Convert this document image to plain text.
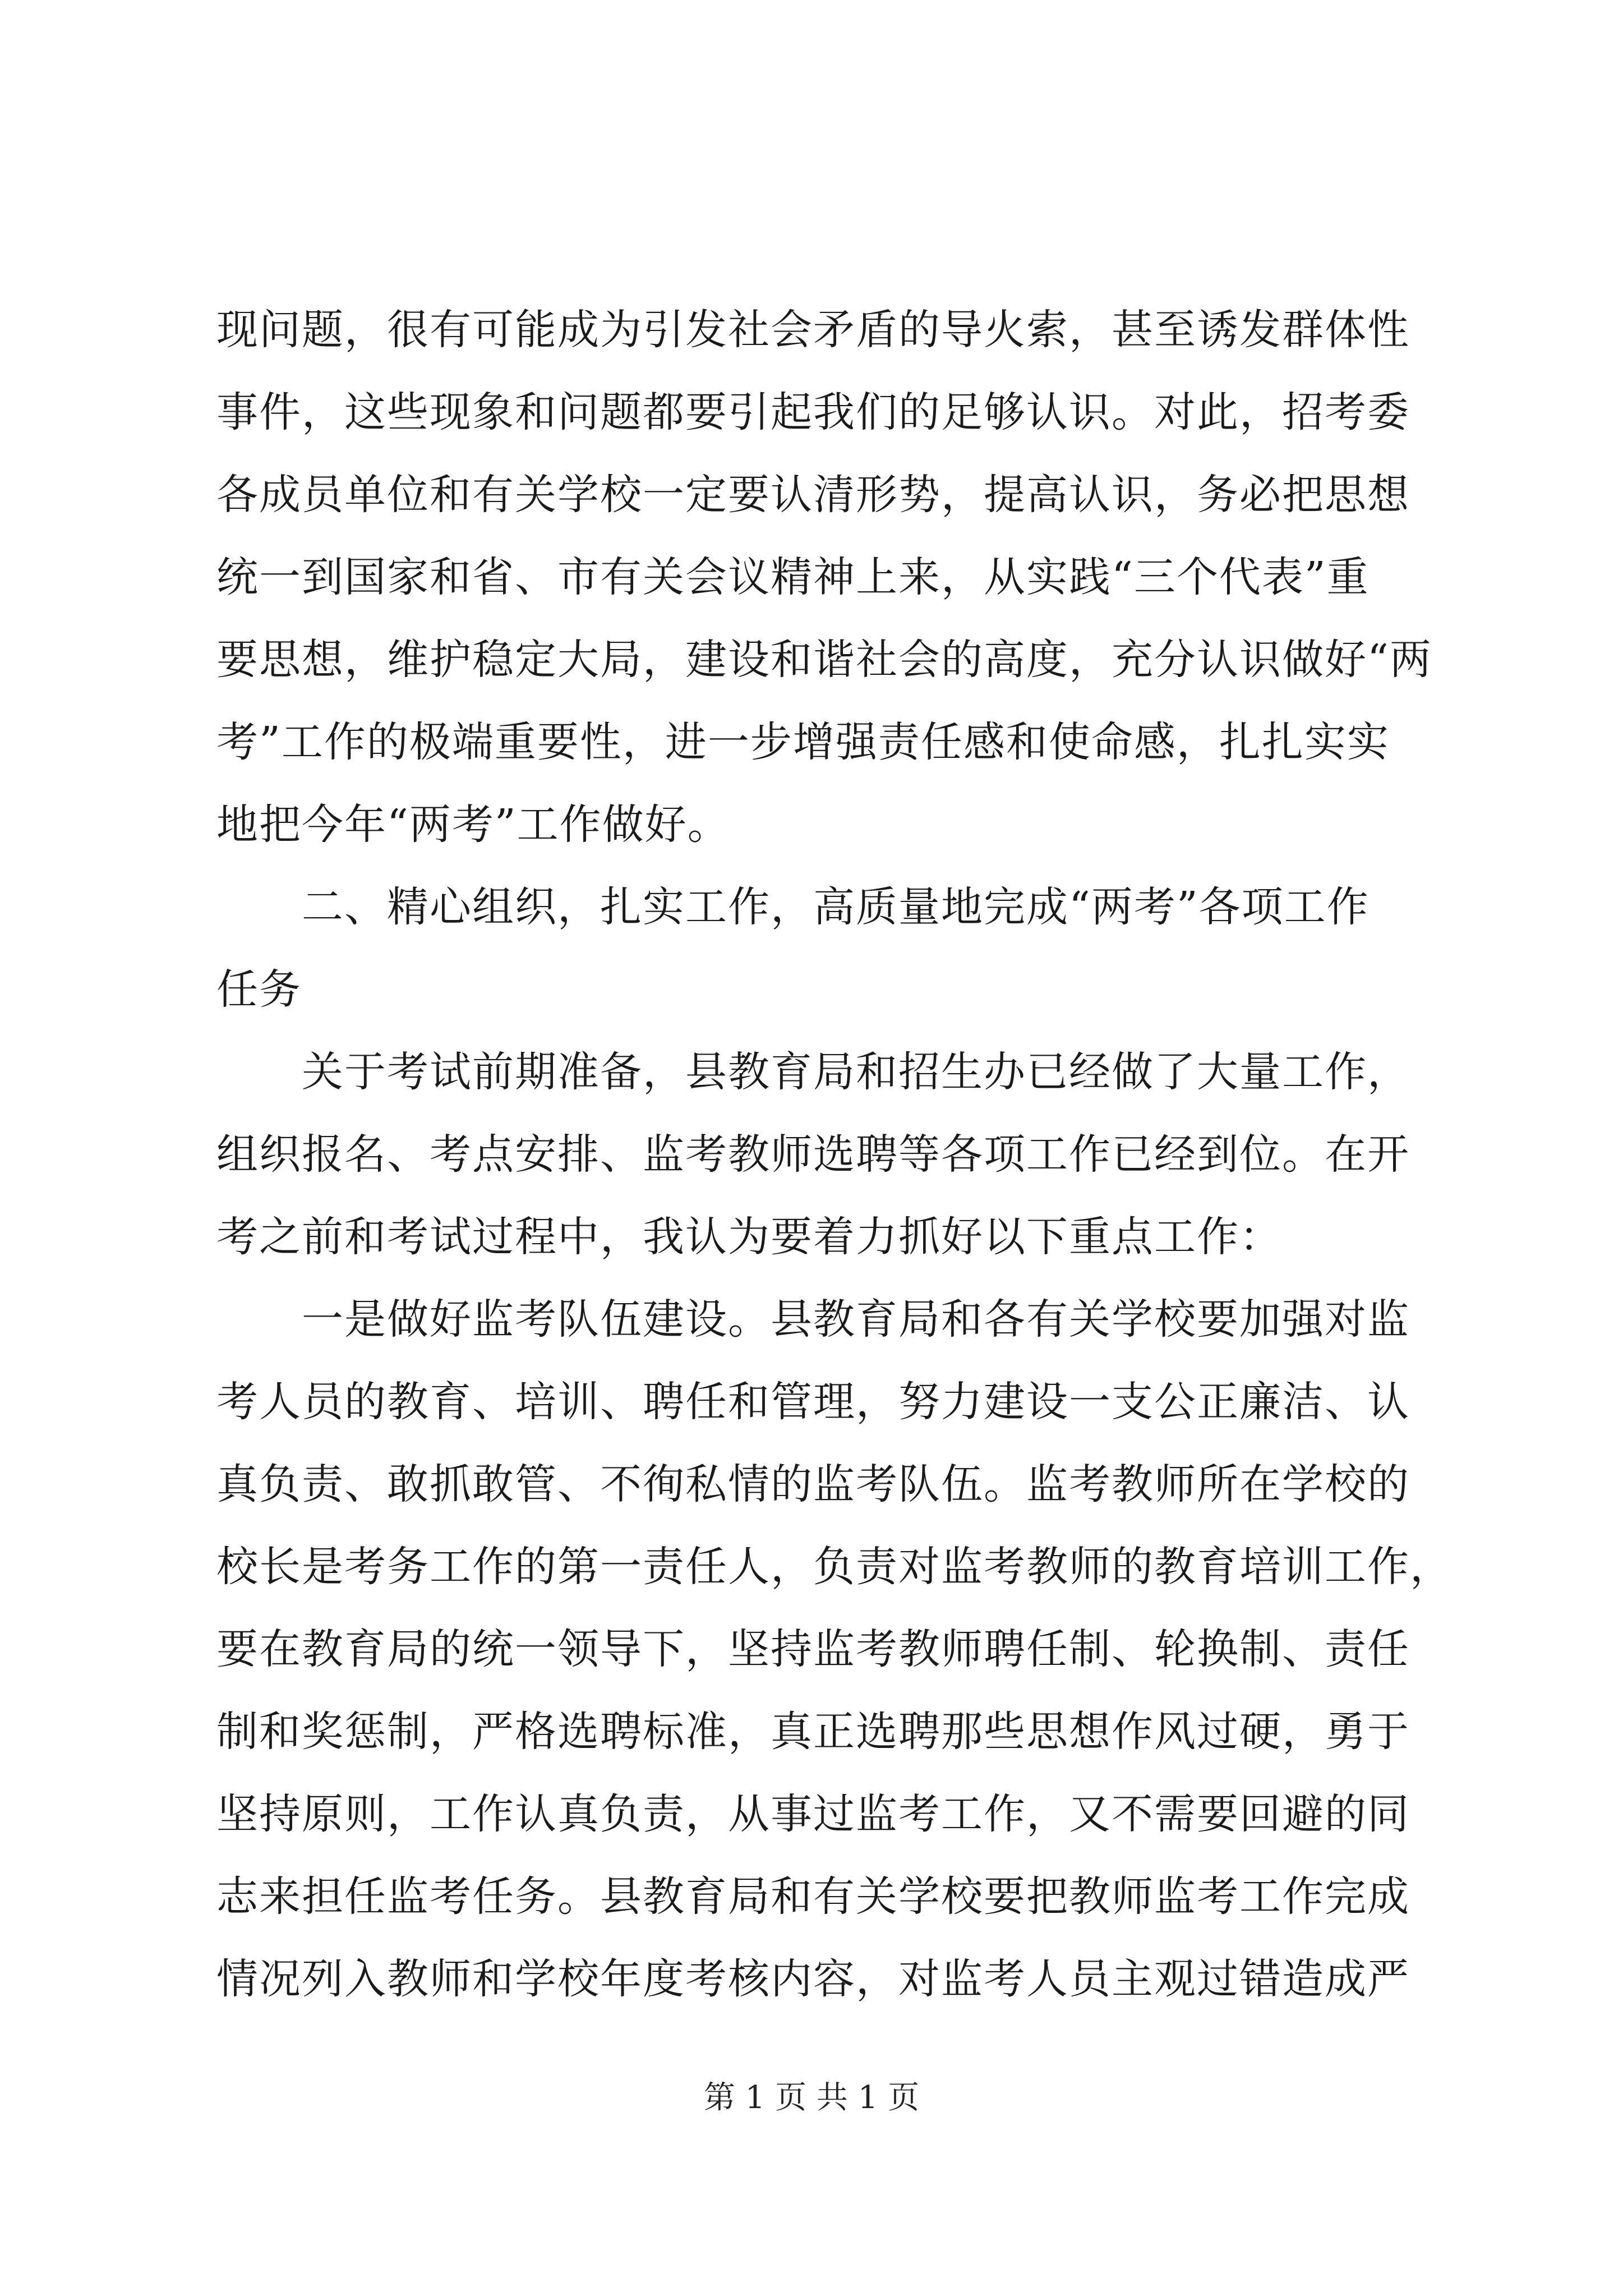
现问题，很有可能成为引发社会矛盾的导火索，甚至诱发群体性
事件，这些现象和问题都要引起我们的足够认识。对此，招考委
各成员单位和有关学校一定要认清形势，提高认识，务必把思想
统一到国家和省、市有关会议精神上来，从实践“三个代表”重
要思想，维护稳定大局，建设和谐社会的高度，充分认识做好“两
考”工作的极端重要性，进一步增强责任感和使命感，扎扎实实
地把今年“两考”工作做好。
　　二、精心组织，扎实工作，高质量地完成“两考”各项工作
任务
　　关于考试前期准备，县教育局和招生办已经做了大量工作，
组织报名、考点安排、监考教师选聘等各项工作已经到位。在开
考之前和考试过程中，我认为要着力抓好以下重点工作：
　　一是做好监考队伍建设。县教育局和各有关学校要加强对监
考人员的教育、培训、聘任和管理，努力建设一支公正廉洁、认
真负责、敢抓敢管、不徇私情的监考队伍。监考教师所在学校的
校长是考务工作的第一责任人，负责对监考教师的教育培训工作，
要在教育局的统一领导下，坚持监考教师聘任制、轮换制、责任
制和奖惩制，严格选聘标准，真正选聘那些思想作风过硬，勇于
坚持原则，工作认真负责，从事过监考工作，又不需要回避的同
志来担任监考任务。县教育局和有关学校要把教师监考工作完成
情况列入教师和学校年度考核内容，对监考人员主观过错造成严
第 1 页 共 1 页
